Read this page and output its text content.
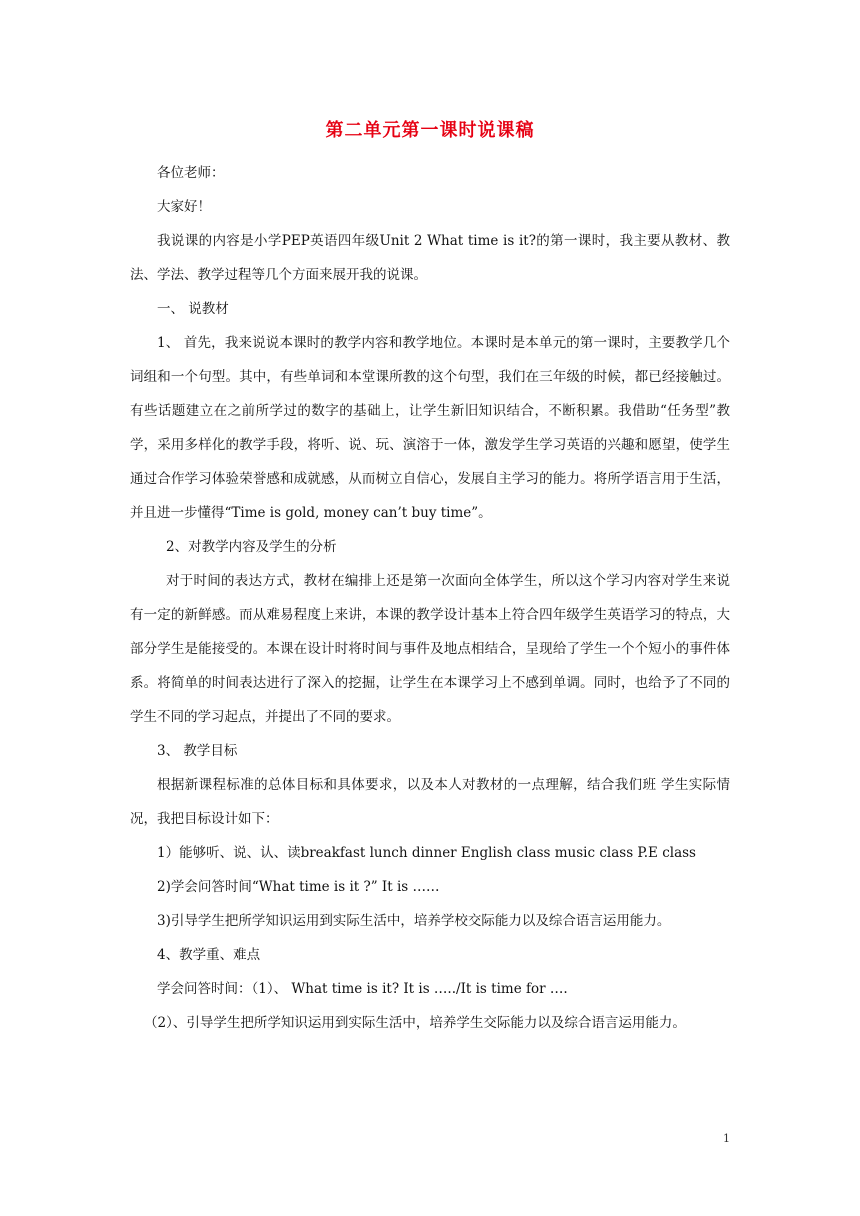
第二单元第一课时说课稿

各位老师：

大家好！

我说课的内容是小学PEP英语四年级Unit 2 What time is it?的第一课时，我主要从教材、教法、学法、教学过程等几个方面来展开我的说课。

一、 说教材

1、 首先，我来说说本课时的教学内容和教学地位。本课时是本单元的第一课时，主要教学几个词组和一个句型。其中，有些单词和本堂课所教的这个句型，我们在三年级的时候，都已经接触过。有些话题建立在之前所学过的数字的基础上，让学生新旧知识结合，不断积累。我借助“任务型”教学，采用多样化的教学手段，将听、说、玩、演溶于一体，激发学生学习英语的兴趣和愿望，使学生通过合作学习体验荣誉感和成就感，从而树立自信心，发展自主学习的能力。将所学语言用于生活，并且进一步懂得“Time is gold, money can’t buy time”。

2、对教学内容及学生的分析

对于时间的表达方式，教材在编排上还是第一次面向全体学生，所以这个学习内容对学生来说有一定的新鲜感。而从难易程度上来讲，本课的教学设计基本上符合四年级学生英语学习的特点，大部分学生是能接受的。本课在设计时将时间与事件及地点相结合，呈现给了学生一个个短小的事件体系。将简单的时间表达进行了深入的挖掘，让学生在本课学习上不感到单调。同时，也给予了不同的学生不同的学习起点，并提出了不同的要求。

3、 教学目标

根据新课程标准的总体目标和具体要求，以及本人对教材的一点理解，结合我们班 学生实际情况，我把目标设计如下：

1）能够听、说、认、读breakfast lunch dinner English class music class P.E class

2)学会问答时间“What time is it ?” It is ……

3)引导学生把所学知识运用到实际生活中，培养学校交际能力以及综合语言运用能力。

4、教学重、难点

学会问答时间：（1）、 What time is it? It is …../It is time for ….

（2）、引导学生把所学知识运用到实际生活中，培养学生交际能力以及综合语言运用能力。

1
